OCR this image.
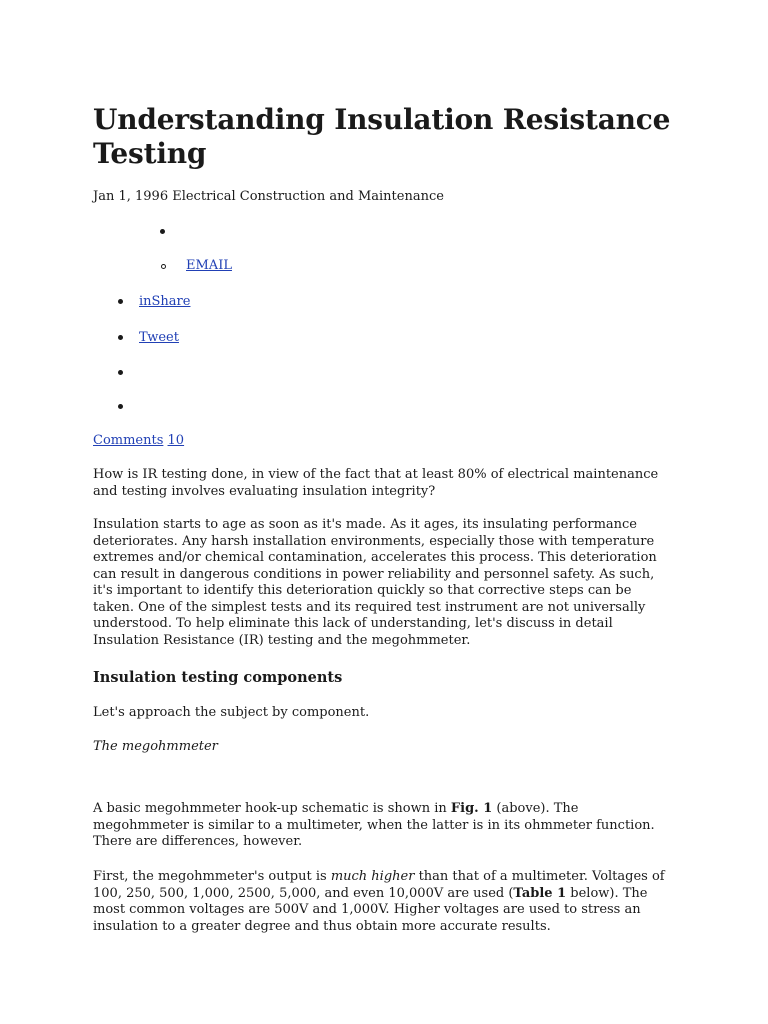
Understanding Insulation Resistance Testing
Jan 1, 1996 Electrical Construction and Maintenance
EMAIL
inShare
Tweet
Comments 10

How is IR testing done, in view of the fact that at least 80% of electrical maintenance and testing involves evaluating insulation integrity?

Insulation starts to age as soon as it's made. As it ages, its insulating performance deteriorates. Any harsh installation environments, especially those with temperature extremes and/or chemical contamination, accelerates this process. This deterioration can result in dangerous conditions in power reliability and personnel safety. As such, it's important to identify this deterioration quickly so that corrective steps can be taken. One of the simplest tests and its required test instrument are not universally understood. To help eliminate this lack of understanding, let's discuss in detail Insulation Resistance (IR) testing and the megohmmeter.

Insulation testing components

Let's approach the subject by component.

The megohmmeter

A basic megohmmeter hook-up schematic is shown in Fig. 1 (above). The megohmmeter is similar to a multimeter, when the latter is in its ohmmeter function. There are differences, however.

First, the megohmmeter's output is much higher than that of a multimeter. Voltages of 100, 250, 500, 1,000, 2500, 5,000, and even 10,000V are used (Table 1 below). The most common voltages are 500V and 1,000V. Higher voltages are used to stress an insulation to a greater degree and thus obtain more accurate results.
